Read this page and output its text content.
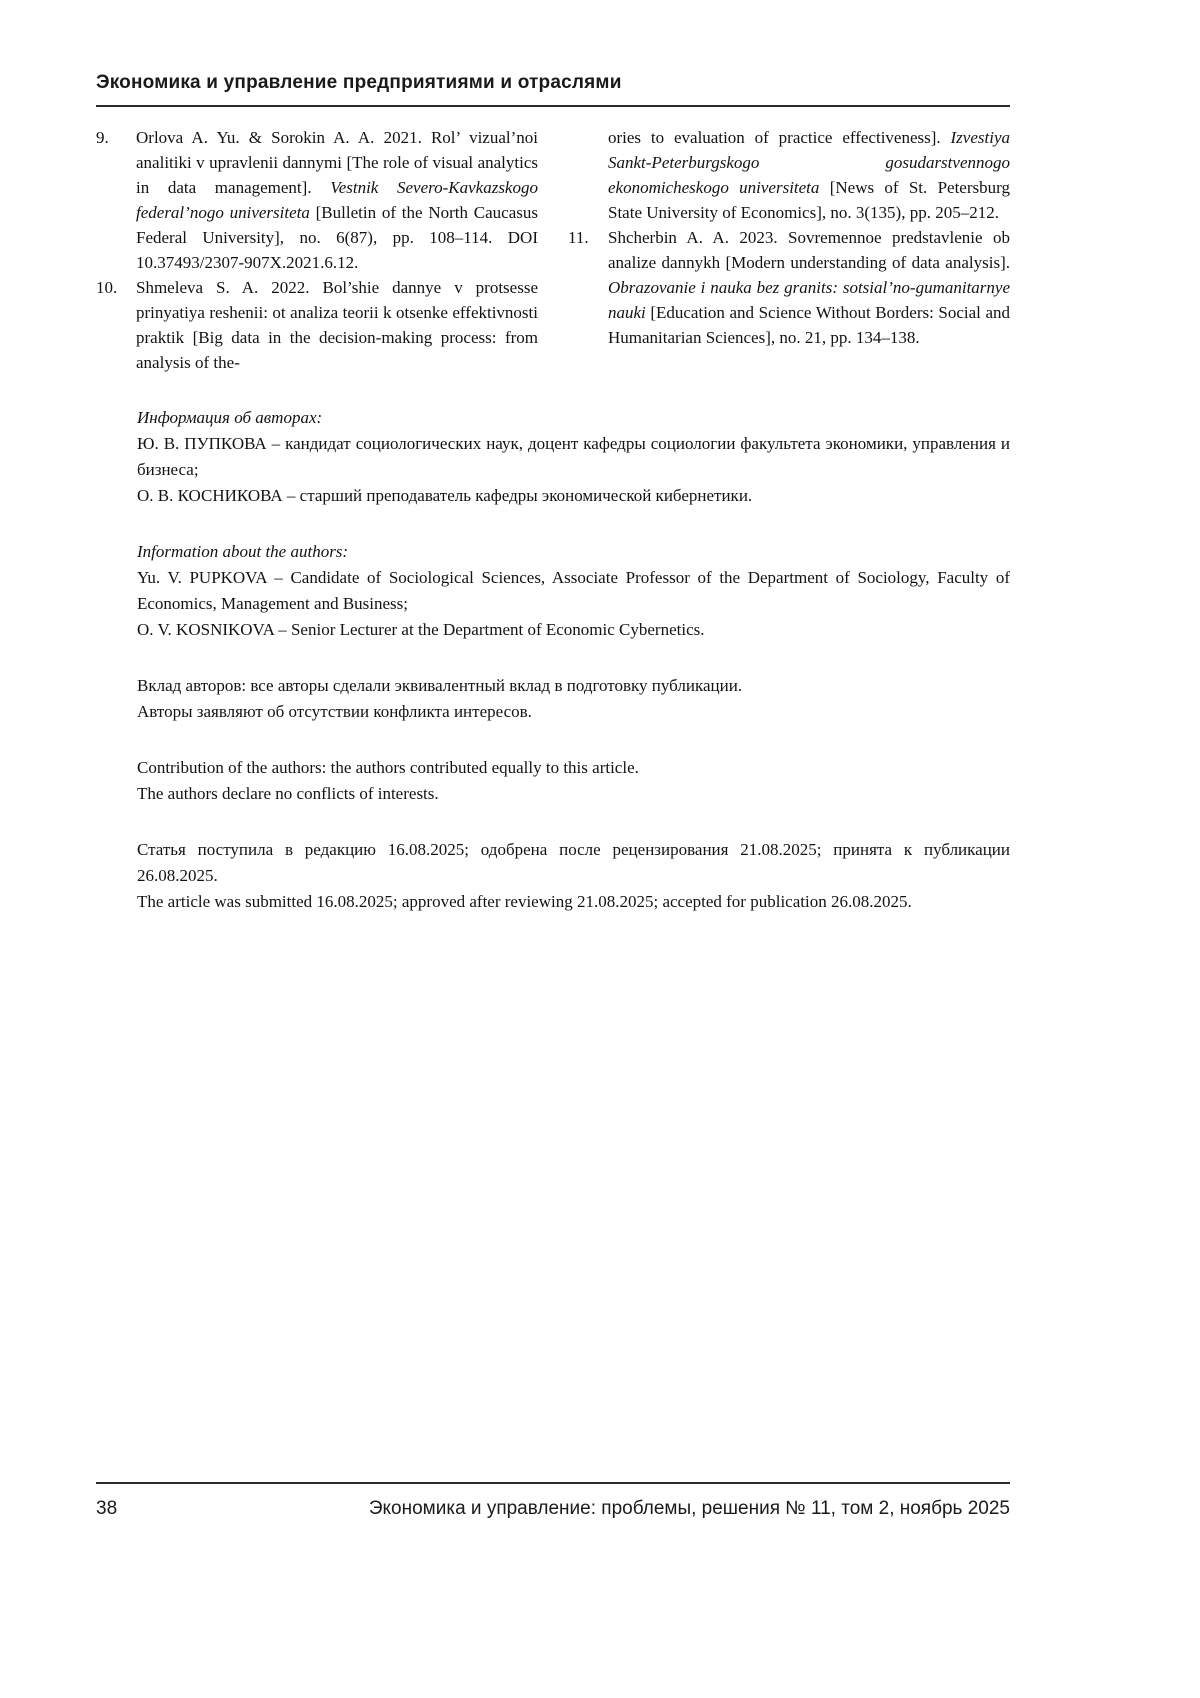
Экономика и управление предприятиями и отраслями
9.	Orlova A. Yu. & Sorokin A. A. 2021. Rol’ vizual’noi analitiki v upravlenii dannymi [The role of visual analytics in data management]. Vestnik Severo-Kavkazskogo federal’nogo universiteta [Bulletin of the North Caucasus Federal University], no. 6(87), pp. 108–114. DOI 10.37493/2307-907X.2021.6.12.
10.	Shmeleva S. A. 2022. Bol’shie dannye v protsesse prinyatiya reshenii: ot analiza teorii k otsenke effektivnosti praktik [Big data in the decision-making process: from analysis of the-
ories to evaluation of practice effectiveness]. Izvestiya Sankt-Peterburgskogo gosudarstvennogo ekonomicheskogo universiteta [News of St. Petersburg State University of Economics], no. 3(135), pp. 205–212.
11.	Shcherbin A. A. 2023. Sovremennoe predstavlenie ob analize dannykh [Modern understanding of data analysis]. Obrazovanie i nauka bez granits: sotsial’no-gumanitarnye nauki [Education and Science Without Borders: Social and Humanitarian Sciences], no. 21, pp. 134–138.

Информация об авторах:

Ю. В. ПУПКОВА – кандидат социологических наук, доцент кафедры социологии факультета экономики, управления и бизнеса;

О. В. КОСНИКОВА – старший преподаватель кафедры экономической кибернетики.

Information about the authors:

Yu. V. PUPKOVA – Candidate of Sociological Sciences, Associate Professor of the Department of Sociology, Faculty of Economics, Management and Business;

O. V. KOSNIKOVA – Senior Lecturer at the Department of Economic Cybernetics.

Вклад авторов: все авторы сделали эквивалентный вклад в подготовку публикации.

Авторы заявляют об отсутствии конфликта интересов.

Contribution of the authors: the authors contributed equally to this article.

The authors declare no conflicts of interests.

Статья поступила в редакцию 16.08.2025; одобрена после рецензирования 21.08.2025; принята к публикации 26.08.2025.

The article was submitted 16.08.2025; approved after reviewing 21.08.2025; accepted for publication 26.08.2025.

38	Экономика и управление: проблемы, решения № 11, том 2, ноябрь 2025
